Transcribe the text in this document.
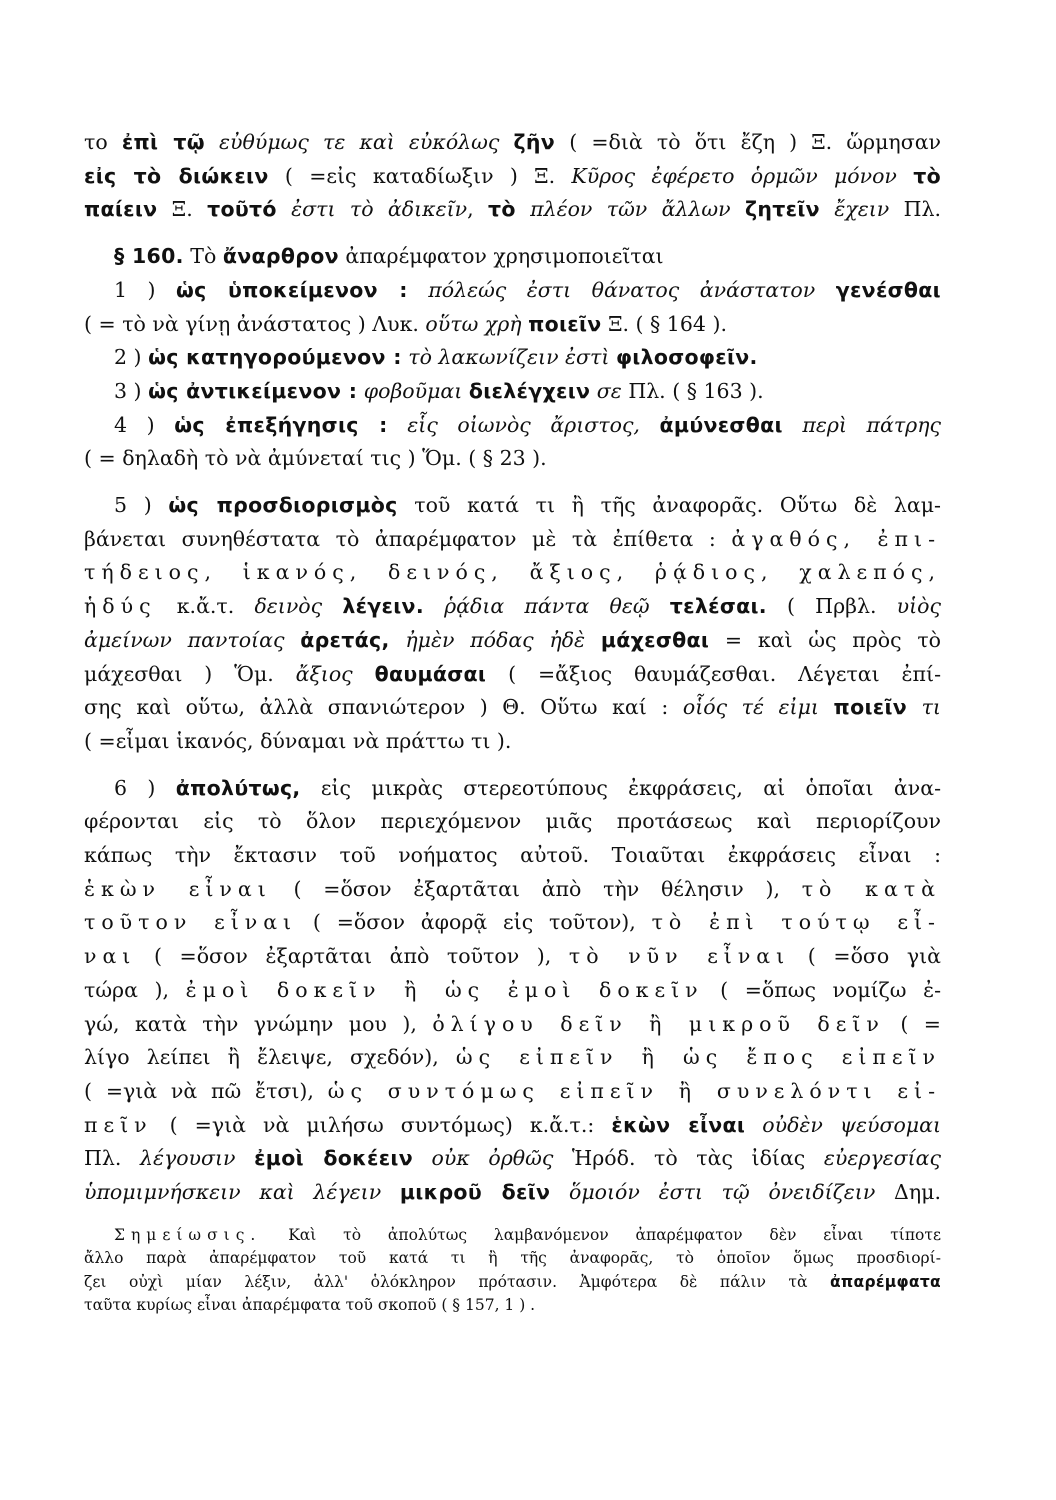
το ἐπὶ τῷ εὐθύμως τε καὶ εὐκόλως ζῆν ( =διὰ τὸ ὅτι ἔζη ) Ξ. ὥρμησαν
εἰς τὸ διώκειν ( =εἰς καταδίωξιν ) Ξ. Κῦρος ἐφέρετο ὁρμῶν μόνον τὸ
παίειν Ξ. τοῦτό ἐστι τὸ ἀδικεῖν, τὸ πλέον τῶν ἄλλων ζητεῖν ἔχειν Πλ.
§ 160. Τὸ ἄναρθρον ἀπαρέμφατον χρησιμοποιεῖται
1 ) ὡς ὑποκείμενον : πόλεώς ἐστι θάνατος ἀνάστατον γενέσθαι
( = τὸ νὰ γίνῃ ἀνάστατος ) Λυκ. οὕτω χρὴ ποιεῖν Ξ. ( § 164 ).
2 ) ὡς κατηγορούμενον : τὸ λακωνίζειν ἐστὶ φιλοσοφεῖν.
3 ) ὡς ἀντικείμενον : φοβοῦμαι διελέγχειν σε Πλ. ( § 163 ).
4 ) ὡς ἐπεξήγησις : εἷς οἰωνὸς ἄριστος, ἀμύνεσθαι περὶ πάτρης
( = δηλαδὴ τὸ νὰ ἀμύνεταί τις ) Ὅμ. ( § 23 ).
5 ) ὡς προσδιορισμὸς τοῦ κατά τι ἢ τῆς ἀναφορᾶς. Οὕτω δὲ λαμ-
βάνεται συνηθέστατα τὸ ἀπαρέμφατον μὲ τὰ ἐπίθετα : ἀγαθός, ἐπι-
τήδειος, ἱκανός, δεινός, ἄξιος, ῥᾴδιος, χαλεπός,
ἡδύς κ.ἄ.τ. δεινὸς λέγειν. ῥᾴδια πάντα θεῷ τελέσαι. ( Πρβλ. υἱὸς
ἀμείνων παντοίας ἀρετάς, ἠμὲν πόδας ἠδὲ μάχεσθαι = καὶ ὡς πρὸς τὸ
μάχεσθαι ) Ὅμ. ἄξιος θαυμάσαι ( =ἄξιος θαυμάζεσθαι. Λέγεται ἐπί-
σης καὶ οὕτω, ἀλλὰ σπανιώτερον ) Θ. Οὕτω καί : οἷός τέ εἰμι ποιεῖν τι
( =εἶμαι ἱκανός, δύναμαι νὰ πράττω τι ).
6 ) ἀπολύτως, εἰς μικρὰς στερεοτύπους ἐκφράσεις, αἱ ὁποῖαι ἀνα-
φέρονται εἰς τὸ ὅλον περιεχόμενον μιᾶς προτάσεως καὶ περιορίζουν
κάπως τὴν ἔκτασιν τοῦ νοήματος αὐτοῦ. Τοιαῦται ἐκφράσεις εἶναι :
ἑκὼν εἶναι ( =ὅσον ἐξαρτᾶται ἀπὸ τὴν θέλησιν ), τὸ κατὰ
τοῦτον εἶναι ( =ὅσον ἀφορᾷ εἰς τοῦτον), τὸ ἐπὶ τούτῳ εἶ-
ναι ( =ὅσον ἐξαρτᾶται ἀπὸ τοῦτον ), τὸ νῦν εἶναι ( =ὅσο γιὰ
τώρα ), ἐμοὶ δοκεῖν ἢ ὡς ἐμοὶ δοκεῖν ( =ὅπως νομίζω ἐ-
γώ, κατὰ τὴν γνώμην μου ), ὀλίγου δεῖν ἢ μικροῦ δεῖν ( =
λίγο λείπει ἢ ἔλειψε, σχεδόν), ὡς εἰπεῖν ἢ ὡς ἔπος εἰπεῖν
( =γιὰ νὰ πῶ ἔτσι), ὡς συντόμως εἰπεῖν ἢ συνελόντι εἰ-
πεῖν ( =γιὰ νὰ μιλήσω συντόμως) κ.ἄ.τ.: ἑκὼν εἶναι οὐδὲν ψεύσομαι
Πλ. λέγουσιν ἐμοὶ δοκέειν οὐκ ὀρθῶς Ἡρόδ. τὸ τὰς ἰδίας εὐεργεσίας
ὑπομιμνήσκειν καὶ λέγειν μικροῦ δεῖν ὅμοιόν ἐστι τῷ ὀνειδίζειν Δημ.
Σημείωσις. Καὶ τὸ ἀπολύτως λαμβανόμενον ἀπαρέμφατον δὲν εἶναι τίποτε
ἄλλο παρὰ ἀπαρέμφατον τοῦ κατά τι ἢ τῆς ἀναφορᾶς, τὸ ὁποῖον ὅμως προσδιορί-
ζει οὐχὶ μίαν λέξιν, ἀλλ' ὁλόκληρον πρότασιν. Ἀμφότερα δὲ πάλιν τὰ ἀπαρέμφατα
ταῦτα κυρίως εἶναι ἀπαρέμφατα τοῦ σκοποῦ ( § 157, 1 ) .
